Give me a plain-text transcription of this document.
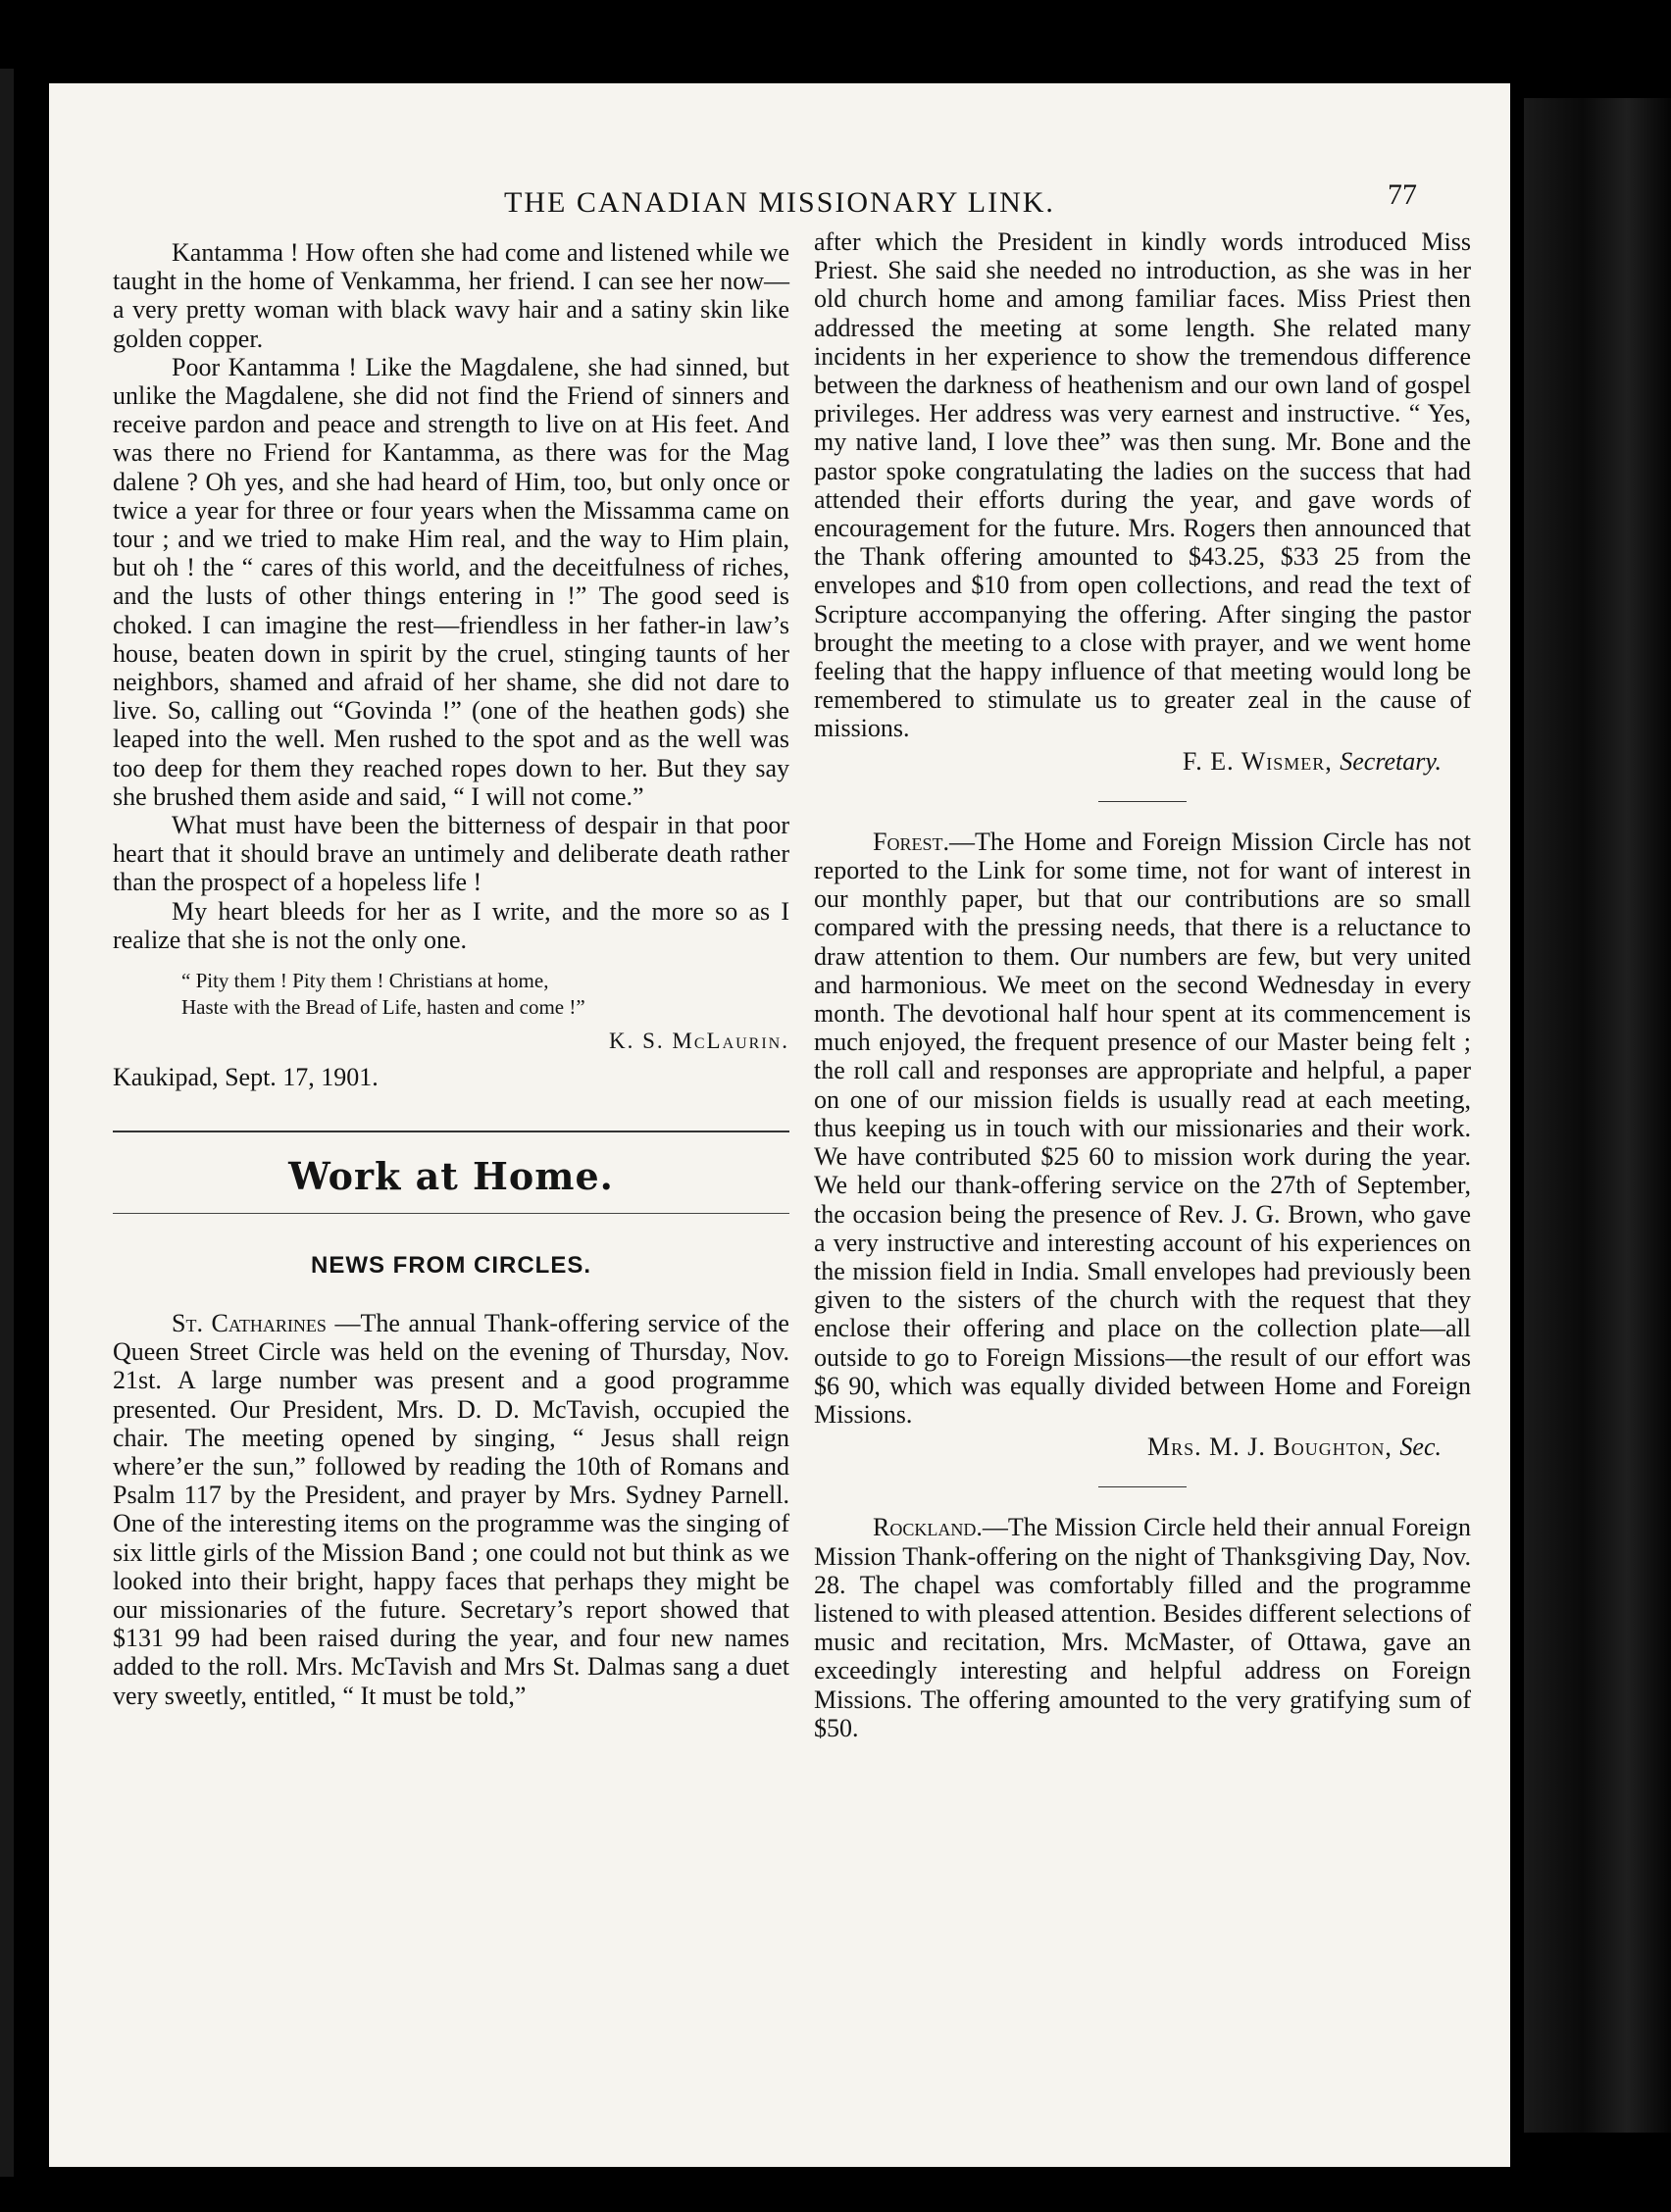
THE CANADIAN MISSIONARY LINK.	77

Kantamma ! How often she had come and listened while we taught in the home of Venkamma, her friend. I can see her now—a very pretty woman with black wavy hair and a satiny skin like golden copper.

Poor Kantamma ! Like the Magdalene, she had sinned, but unlike the Magdalene, she did not find the Friend of sinners and receive pardon and peace and strength to live on at His feet. And was there no Friend for Kantamma, as there was for the Mag dalene ? Oh yes, and she had heard of Him, too, but only once or twice a year for three or four years when the Missamma came on tour ; and we tried to make Him real, and the way to Him plain, but oh ! the “ cares of this world, and the deceitfulness of riches, and the lusts of other things entering in !” The good seed is choked. I can imagine the rest—friendless in her father-in law’s house, beaten down in spirit by the cruel, stinging taunts of her neighbors, shamed and afraid of her shame, she did not dare to live. So, calling out “Govinda !” (one of the heathen gods) she leaped into the well. Men rushed to the spot and as the well was too deep for them they reached ropes down to her. But they say she brushed them aside and said, “ I will not come.”

What must have been the bitterness of despair in that poor heart that it should brave an untimely and deliberate death rather than the prospect of a hopeless life !

My heart bleeds for her as I write, and the more so as I realize that she is not the only one.

“ Pity them ! Pity them ! Christians at home,
Haste with the Bread of Life, hasten and come !”
K. S. McLaurin.
Kaukipad, Sept. 17, 1901.
Work at Home.
NEWS FROM CIRCLES.

St. Catharines —The annual Thank-offering service of the Queen Street Circle was held on the evening of Thursday, Nov. 21st. A large number was present and a good programme presented. Our President, Mrs. D. D. McTavish, occupied the chair. The meeting opened by singing, “ Jesus shall reign where’er the sun,” followed by reading the 10th of Romans and Psalm 117 by the President, and prayer by Mrs. Sydney Parnell. One of the interesting items on the programme was the singing of six little girls of the Mission Band ; one could not but think as we looked into their bright, happy faces that perhaps they might be our missionaries of the future. Secretary’s report showed that $131 99 had been raised during the year, and four new names added to the roll. Mrs. McTavish and Mrs St. Dalmas sang a duet very sweetly, entitled, “ It must be told,”

after which the President in kindly words introduced Miss Priest. She said she needed no introduction, as she was in her old church home and among familiar faces. Miss Priest then addressed the meeting at some length. She related many incidents in her experience to show the tremendous difference between the darkness of heathenism and our own land of gospel privileges. Her address was very earnest and instructive. “ Yes, my native land, I love thee” was then sung. Mr. Bone and the pastor spoke congratulating the ladies on the success that had attended their efforts during the year, and gave words of encouragement for the future. Mrs. Rogers then announced that the Thank offering amounted to $43.25, $33 25 from the envelopes and $10 from open collections, and read the text of Scripture accompanying the offering. After singing the pastor brought the meeting to a close with prayer, and we went home feeling that the happy influence of that meeting would long be remembered to stimulate us to greater zeal in the cause of missions.

F. E. Wismer, Secretary.

Forest.—The Home and Foreign Mission Circle has not reported to the Link for some time, not for want of interest in our monthly paper, but that our contributions are so small compared with the pressing needs, that there is a reluctance to draw attention to them. Our numbers are few, but very united and harmonious. We meet on the second Wednesday in every month. The devotional half hour spent at its commencement is much enjoyed, the frequent presence of our Master being felt ; the roll call and responses are appropriate and helpful, a paper on one of our mission fields is usually read at each meeting, thus keeping us in touch with our missionaries and their work. We have contributed $25 60 to mission work during the year. We held our thank-offering service on the 27th of September, the occasion being the presence of Rev. J. G. Brown, who gave a very instructive and interesting account of his experiences on the mission field in India. Small envelopes had previously been given to the sisters of the church with the request that they enclose their offering and place on the collection plate—all outside to go to Foreign Missions—the result of our effort was $6 90, which was equally divided between Home and Foreign Missions.

Mrs. M. J. Boughton, Sec.

Rockland.—The Mission Circle held their annual Foreign Mission Thank-offering on the night of Thanksgiving Day, Nov. 28. The chapel was comfortably filled and the programme listened to with pleased attention. Besides different selections of music and recitation, Mrs. McMaster, of Ottawa, gave an exceedingly interesting and helpful address on Foreign Missions. The offering amounted to the very gratifying sum of $50.
